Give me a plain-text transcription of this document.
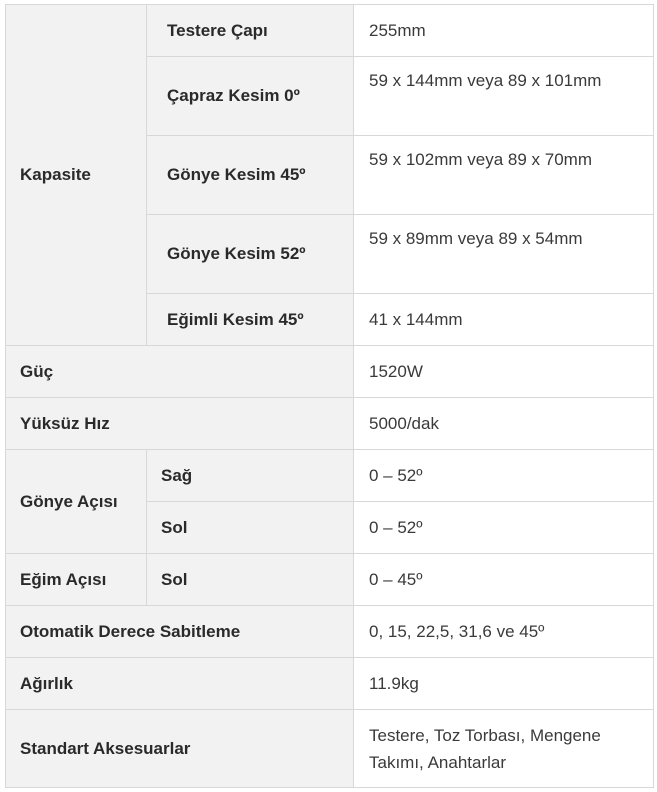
Kapasite	Testere Çapı	255mm
	Çapraz Kesim 0º	59 x 144mm veya 89 x 101mm
	Gönye Kesim 45º	59 x 102mm veya 89 x 70mm
	Gönye Kesim 52º	59 x 89mm veya 89 x 54mm
	Eğimli Kesim 45º	41 x 144mm
Güç		1520W
Yüksüz Hız		5000/dak
Gönye Açısı	Sağ	0 – 52º
	Sol	0 – 52º
Eğim Açısı	Sol	0 – 45º
Otomatik Derece Sabitleme		0, 15, 22,5, 31,6 ve 45º
Ağırlık		11.9kg
Standart Aksesuarlar		Testere, Toz Torbası, Mengene Takımı, Anahtarlar
